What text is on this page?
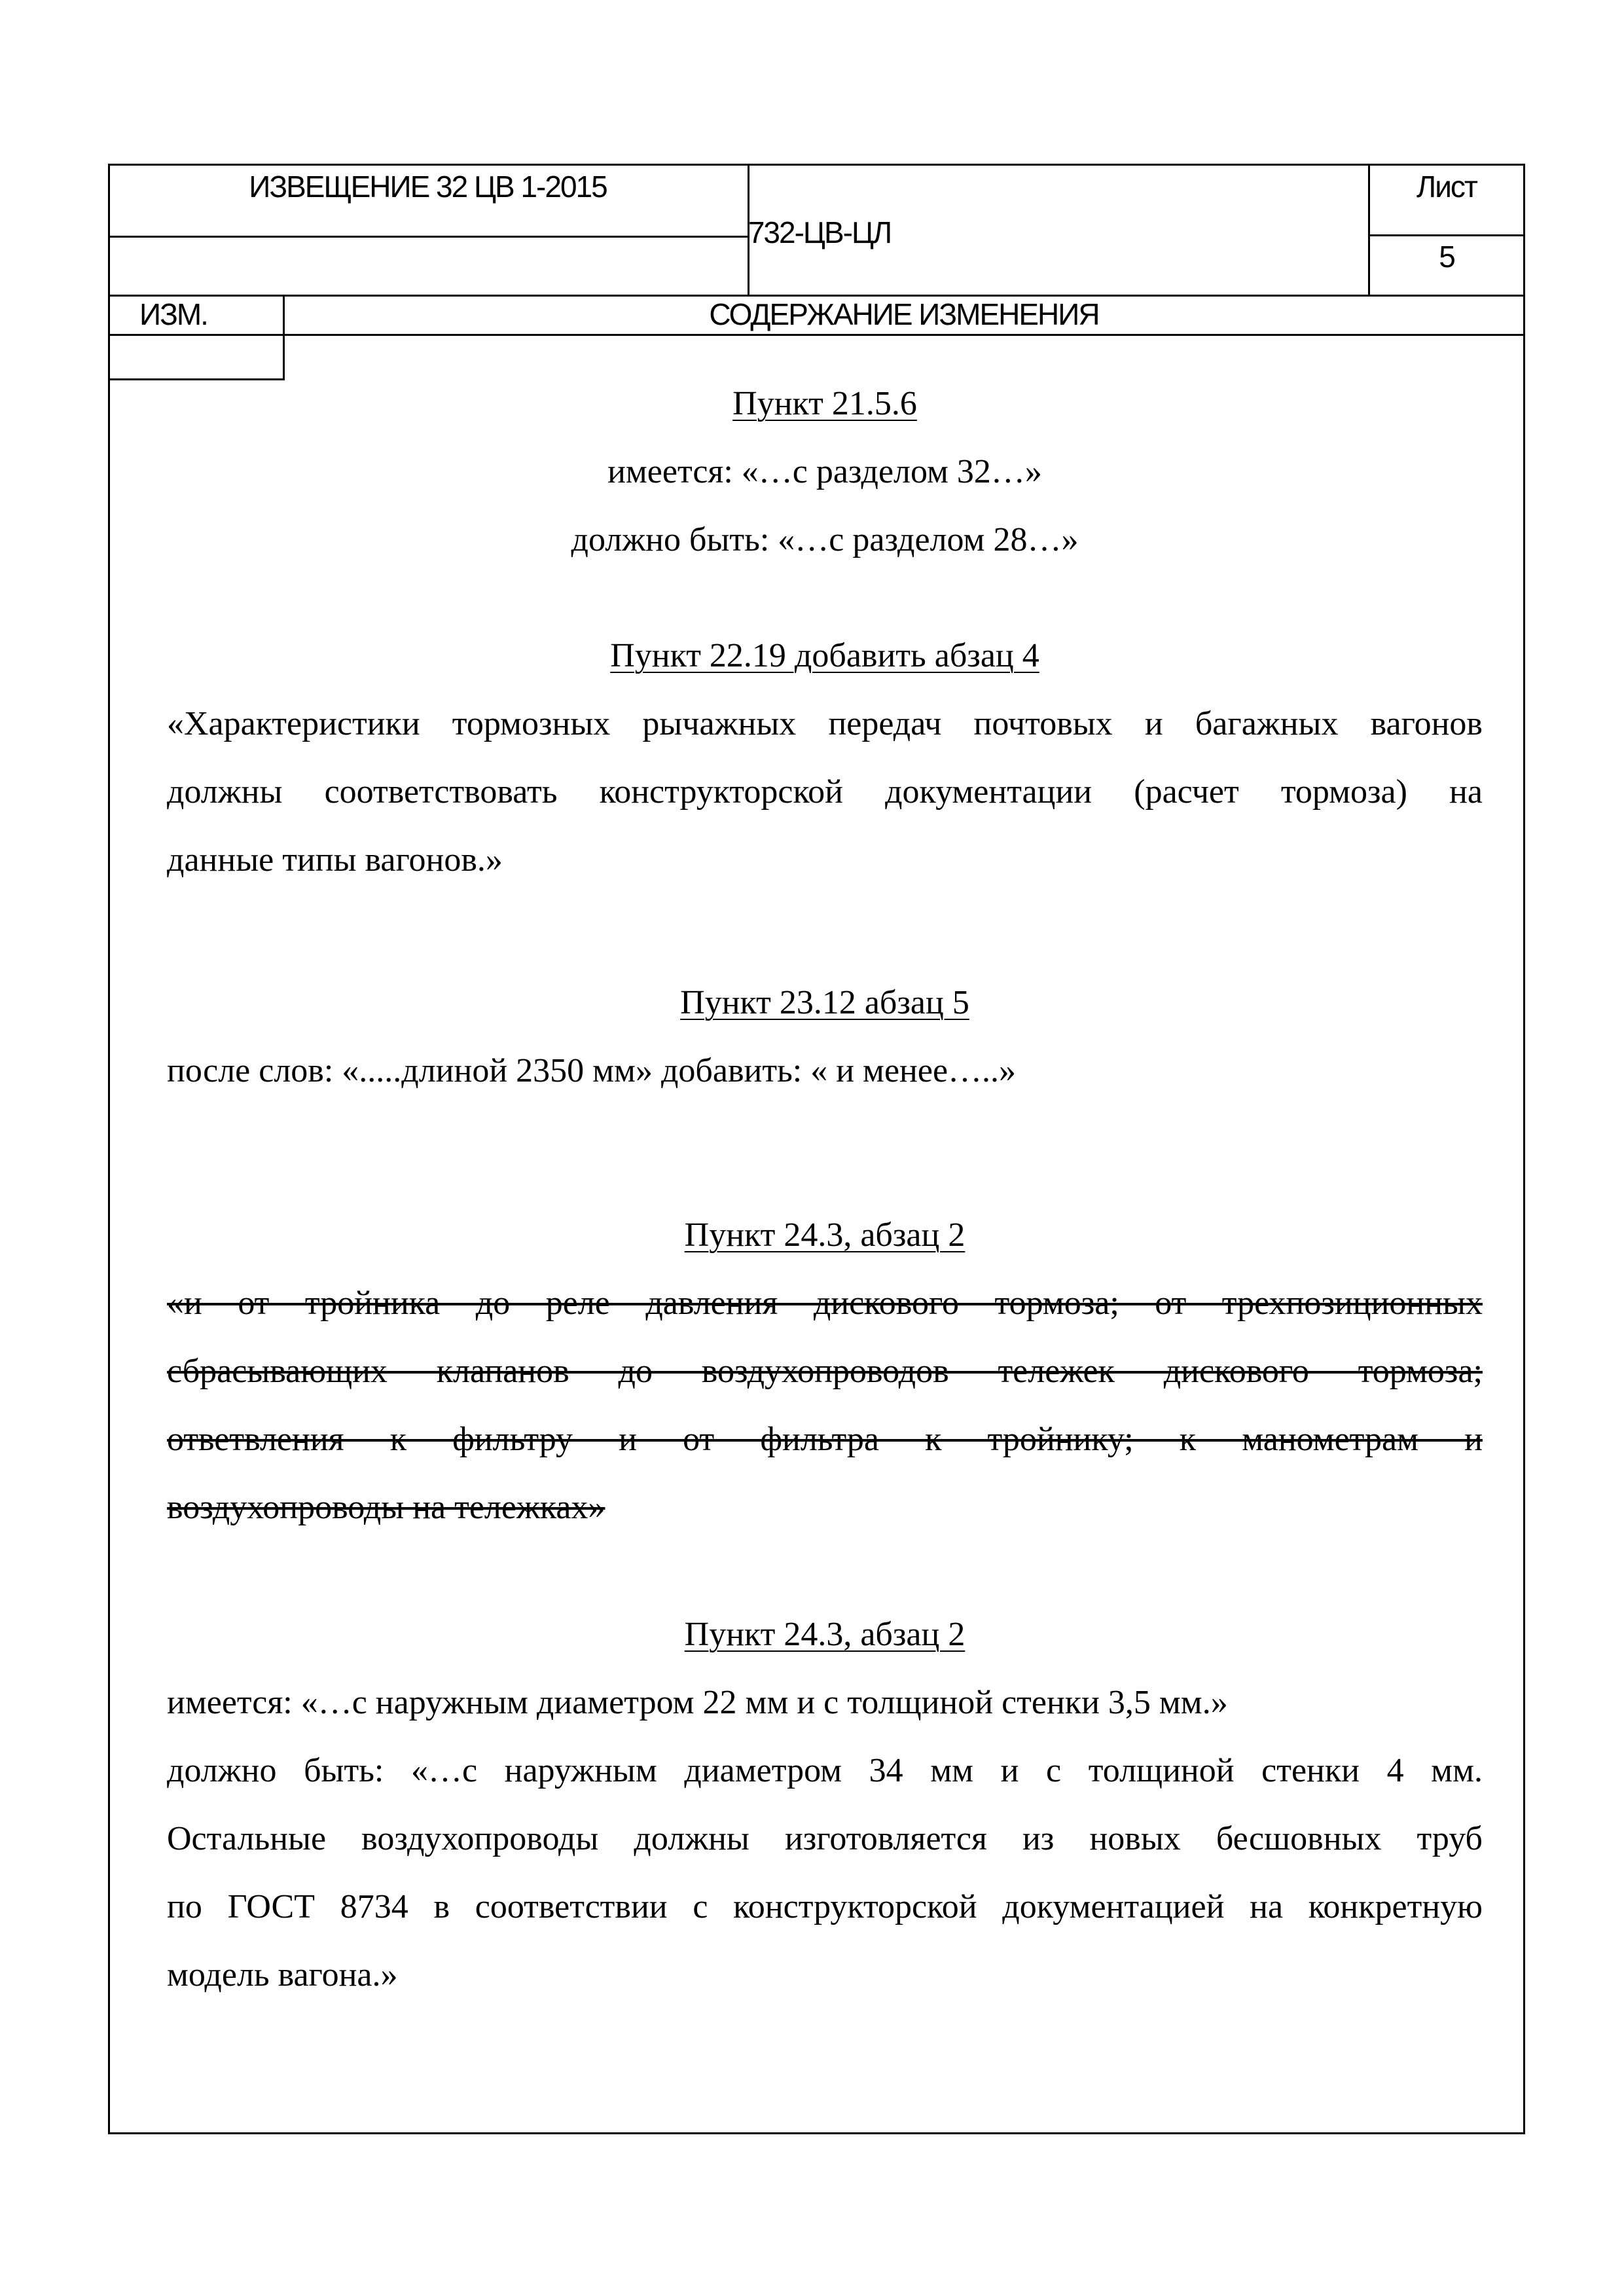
ИЗВЕЩЕНИЕ 32 ЦВ 1-2015
732-ЦВ-ЦЛ
Лист
5
ИЗМ.	СОДЕРЖАНИЕ ИЗМЕНЕНИЯ
Пункт 21.5.6
имеется: «…с разделом 32…»
должно быть: «…с разделом 28…»
Пункт 22.19 добавить абзац 4
«Характеристики тормозных рычажных передач почтовых и багажных вагонов
должны соответствовать конструкторской документации (расчет тормоза) на
данные типы вагонов.»
Пункт 23.12 абзац 5
после слов: «.....длиной 2350 мм» добавить: « и менее…..»
Пункт 24.3, абзац 2
«и от тройника до реле давления дискового тормоза; от трехпозиционных
сбрасывающих клапанов до воздухопроводов тележек дискового тормоза;
ответвления к фильтру и от фильтра к тройнику; к манометрам и
воздухопроводы на тележках»
Пункт 24.3, абзац 2
имеется: «…с наружным диаметром 22 мм и с толщиной стенки 3,5 мм.»
должно быть: «…с наружным диаметром 34 мм и с толщиной стенки 4 мм.
Остальные воздухопроводы должны изготовляется из новых бесшовных труб
по ГОСТ 8734 в соответствии с конструкторской документацией на конкретную
модель вагона.»
